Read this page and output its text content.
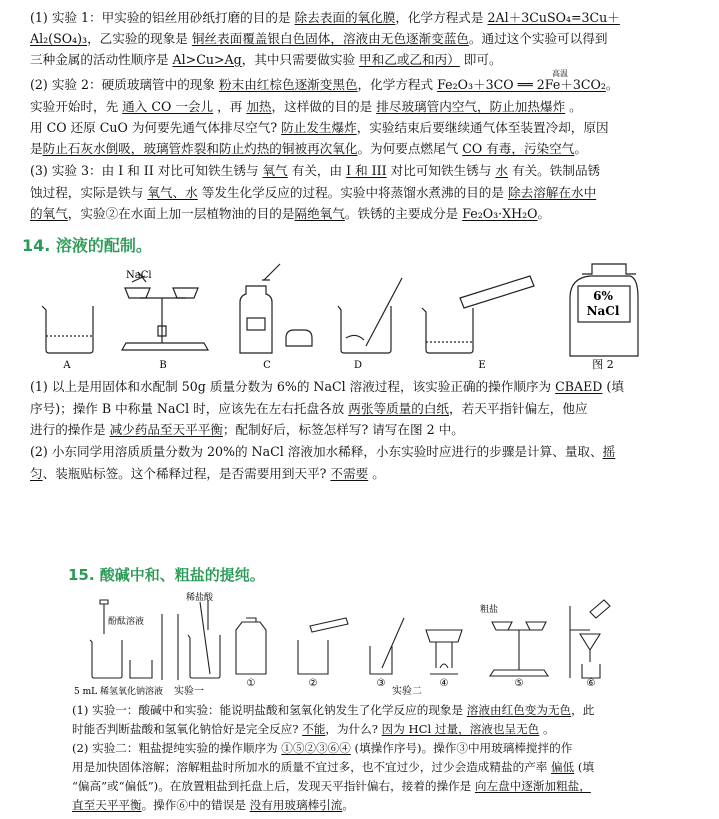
(1) 实验 1：甲实验的铝丝用砂纸打磨的目的是 除去表面的氧化膜，化学方程式是 2Al＋3CuSO₄=3Cu＋
Al₂(SO₄)₃，乙实验的现象是 铜丝表面覆盖银白色固体，溶液由无色逐渐变蓝色。通过这个实验可以得到
三种金属的活动性顺序是 Al>Cu>Ag，其中只需要做实验 甲和乙或乙和丙） 即可。
(2) 实验 2：硬质玻璃管中的现象 粉末由红棕色逐渐变黑色，化学方程式 Fe₂O₃＋3CO ══ 2Fe＋3CO₂。
实验开始时，先 通入 CO 一会儿 ，再 加热，这样做的目的是 排尽玻璃管内空气，防止加热爆炸 。
用 CO 还原 CuO 为何要先通气体排尽空气? 防止发生爆炸，实验结束后要继续通气体至装置冷却，原因
是防止石灰水倒吸，玻璃管炸裂和防止灼热的铜被再次氧化。为何要点燃尾气 CO 有毒，污染空气。
(3) 实验 3：由 I 和 II 对比可知铁生锈与 氧气 有关，由 I 和 III 对比可知铁生锈与 水 有关。铁制品锈
蚀过程，实际是铁与 氧气、水 等发生化学反应的过程。实验中将蒸馏水煮沸的目的是 除去溶解在水中
的氧气，实验②在水面上加一层植物油的目的是隔绝氧气。铁锈的主要成分是 Fe₂O₃·XH₂O。
高温
14. 溶液的配制。
6%
NaCl
NaCl
A	B	C	D	E	图 2
(1) 以上是用固体和水配制 50g 质量分数为 6%的 NaCl 溶液过程，该实验正确的操作顺序为 CBAED (填
序号)；操作 B 中称量 NaCl 时，应该先在左右托盘各放 两张等质量的白纸，若天平指针偏左，他应
进行的操作是 减少药品至天平平衡；配制好后，标签怎样写? 请写在图 2 中。
(2) 小东同学用溶质质量分数为 20%的 NaCl 溶液加水稀释，小东实验时应进行的步骤是计算、量取、摇
匀、装瓶贴标签。这个稀释过程，是否需要用到天平? 不需要 。
15. 酸碱中和、粗盐的提纯。
酚酞溶液
稀盐酸
粗盐
5 mL 稀氢氧化钠溶液 实验一	实验二
①	②	③	④	⑤	⑥
(1) 实验一：酸碱中和实验：能说明盐酸和氢氧化钠发生了化学反应的现象是 溶液由红色变为无色，此
时能否判断盐酸和氢氧化钠恰好是完全反应? 不能，为什么? 因为 HCl 过量，溶液也呈无色 。
(2) 实验二：粗盐提纯实验的操作顺序为 ①⑤②③⑥④ (填操作序号)。操作③中用玻璃棒搅拌的作
用是加快固体溶解；溶解粗盐时所加水的质量不宜过多，也不宜过少，过少会造成精盐的产率 偏低 (填
“偏高”或“偏低”)。在放置粗盐到托盘上后，发现天平指针偏右，接着的操作是 向左盘中逐渐加粗盐，
直至天平平衡。操作⑥中的错误是 没有用玻璃棒引流。
